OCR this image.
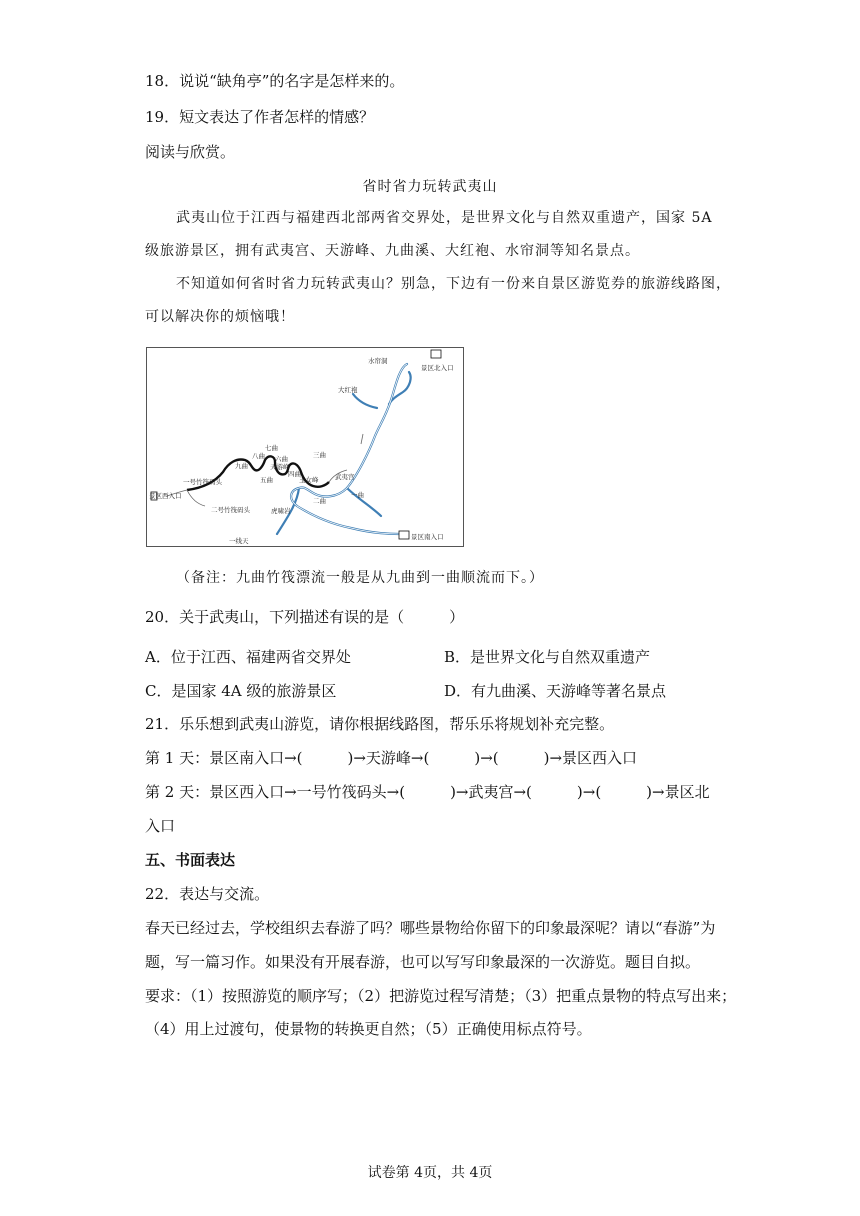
18．说说“缺角亭”的名字是怎样来的。
19．短文表达了作者怎样的情感？
阅读与欣赏。
省时省力玩转武夷山
武夷山位于江西与福建西北部两省交界处，是世界文化与自然双重遗产，国家 5A
级旅游景区，拥有武夷宫、天游峰、九曲溪、大红袍、水帘洞等知名景点。
不知道如何省时省力玩转武夷山？别急，下边有一份来自景区游览券的旅游线路图，
可以解决你的烦恼哦！
水帘洞
景区北入口
大红袍
七曲
八曲 六曲
九曲	天游峰
三曲
四曲
五曲	玉女峰	武夷宫
二曲
一曲
一号竹筏码头
二号竹筏码头
景区西入口
虎啸岩
一线天	景区南入口
（备注：九曲竹筏漂流一般是从九曲到一曲顺流而下。）
20．关于武夷山，下列描述有误的是（　　　）
A．位于江西、福建两省交界处	B．是世界文化与自然双重遗产
C．是国家 4A 级的旅游景区	D．有九曲溪、天游峰等著名景点
21．乐乐想到武夷山游览，请你根据线路图，帮乐乐将规划补充完整。
第 1 天：景区南入口→(　　　)→天游峰→(　　　)→(　　　)→景区西入口
第 2 天：景区西入口→一号竹筏码头→(　　　)→武夷宫→(　　　)→(　　　)→景区北
入口
五、书面表达
22．表达与交流。
春天已经过去，学校组织去春游了吗？哪些景物给你留下的印象最深呢？请以“春游”为
题，写一篇习作。如果没有开展春游，也可以写写印象最深的一次游览。题目自拟。
要求：（1）按照游览的顺序写；（2）把游览过程写清楚；（3）把重点景物的特点写出来；
（4）用上过渡句，使景物的转换更自然；（5）正确使用标点符号。
试卷第 4页，共 4页
